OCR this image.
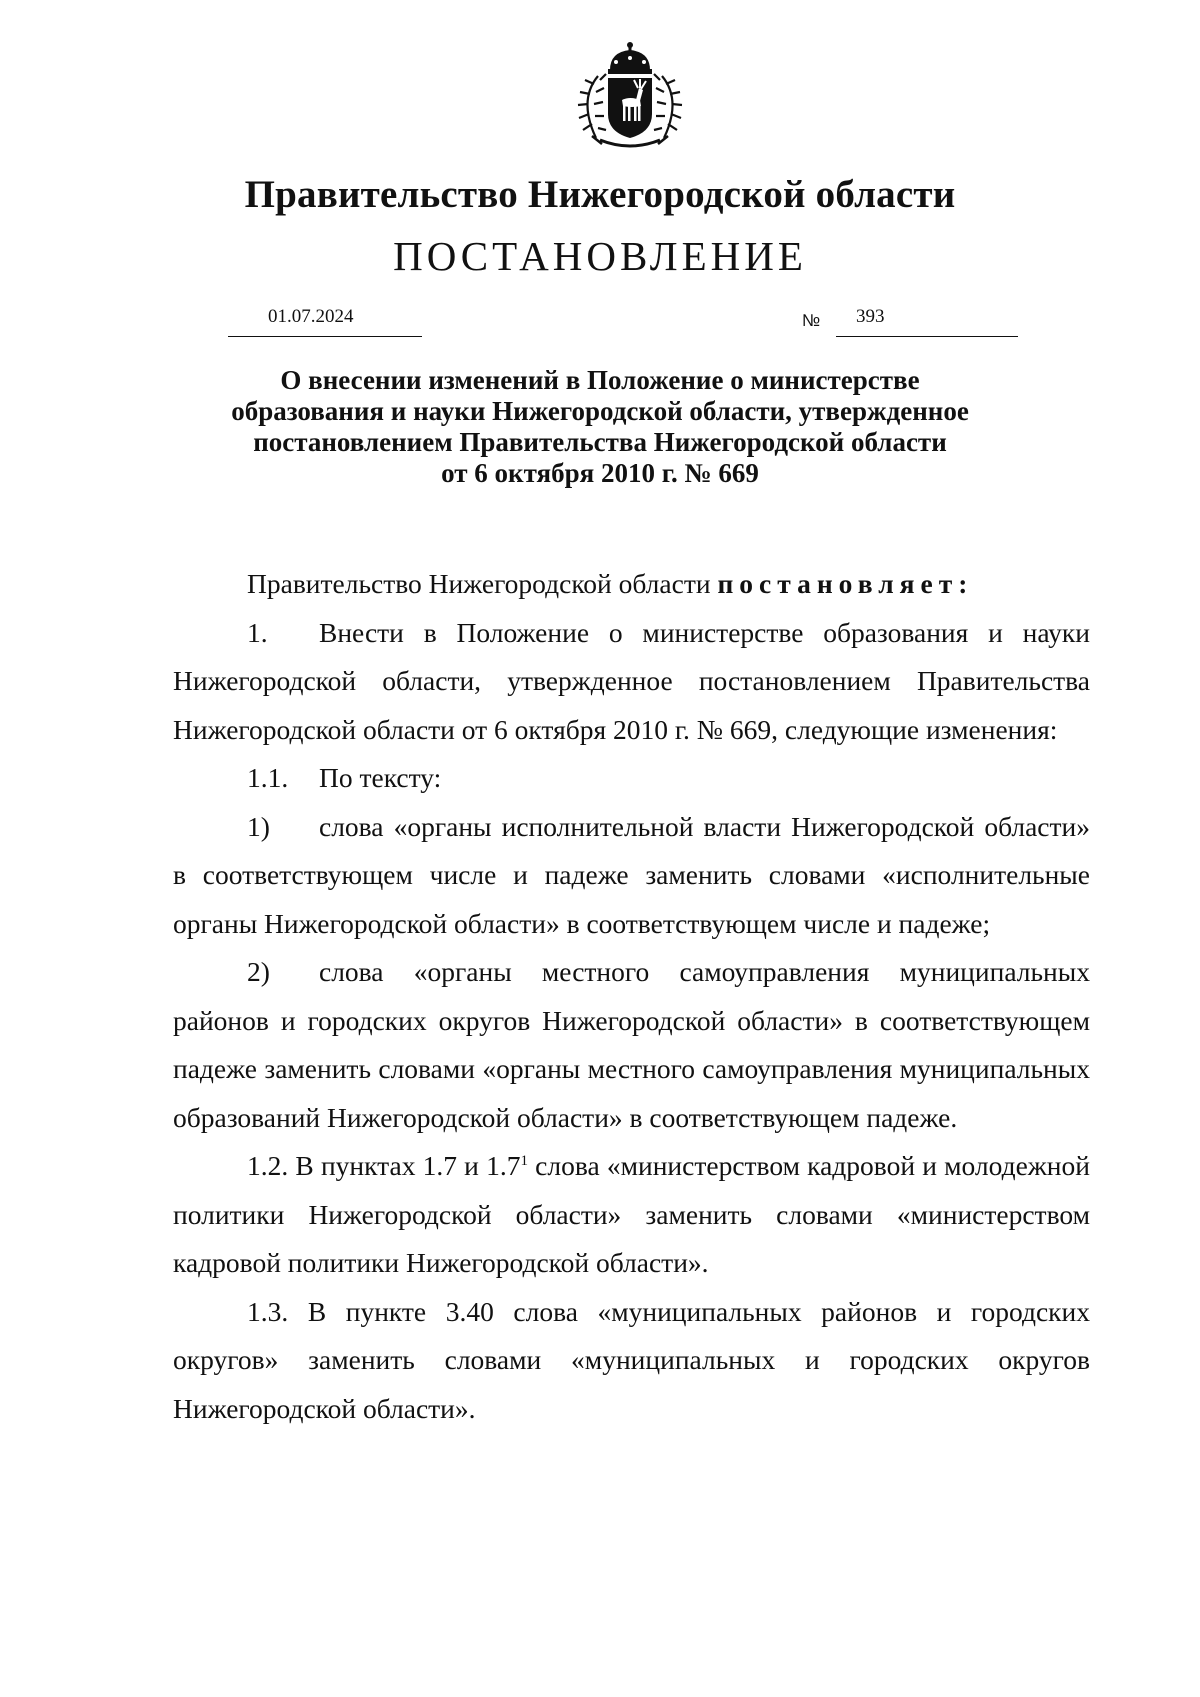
Правительство Нижегородской области
ПОСТАНОВЛЕНИЕ
01.07.2024	№ 393
О внесении изменений в Положение о министерстве
образования и науки Нижегородской области, утвержденное
постановлением Правительства Нижегородской области
от 6 октября 2010 г. № 669

Правительство Нижегородской области постановляет:

1. Внести в Положение о министерстве образования и науки Нижегородской области, утвержденное постановлением Правительства Нижегородской области от 6 октября 2010 г. № 669, следующие изменения:

1.1. По тексту:

1) слова «органы исполнительной власти Нижегородской области» в соответствующем числе и падеже заменить словами «исполнительные органы Нижегородской области» в соответствующем числе и падеже;

2) слова «органы местного самоуправления муниципальных районов и городских округов Нижегородской области» в соответствующем падеже заменить словами «органы местного самоуправления муниципальных образований Нижегородской области» в соответствующем падеже.

1.2. В пунктах 1.7 и $1.7^1$ слова «министерством кадровой и молодежной политики Нижегородской области» заменить словами «министерством кадровой политики Нижегородской области».

1.3. В пункте 3.40 слова «муниципальных районов и городских округов» заменить словами «муниципальных и городских округов Нижегородской области».
